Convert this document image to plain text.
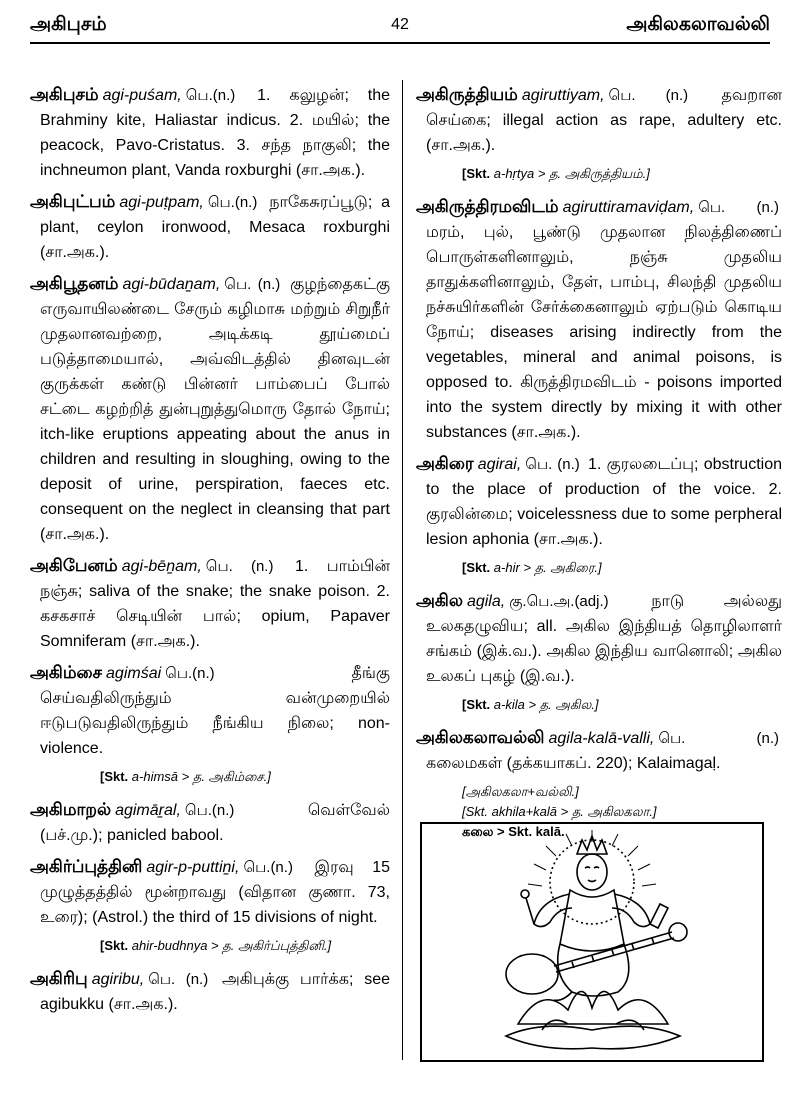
அகிபுசம்	42	அகிலகலாவல்லி

அகிபுசம் agi-puśam, பெ.(n.) 1. கலுழன்; the Brahminy kite, Haliastar indicus. 2. மயில்; the peacock, Pavo-Cristatus. 3. சந்த நாகுலி; the inchneumon plant, Vanda roxburghi (சா.அக.).

அகிபுட்பம் agi-puṭpam, பெ.(n.) நாகேசுரப்பூடு; a plant, ceylon ironwood, Mesaca roxburghi (சா.அக.).

அகிபூதனம் agi-būdaṉam, பெ. (n.) குழந்தைகட்கு எருவாயிலண்டை சேரும் கழிமாசு மற்றும் சிறுநீர் முதலானவற்றை, அடிக்கடி தூய்மைப் படுத்தாமையால், அவ்விடத்தில் தினவுடன் குருக்கள் கண்டு பின்னர் பாம்பைப் போல் சட்டை கழற்றித் துன்புறுத்துமொரு தோல் நோய்; itch-like eruptions appeating about the anus in children and resulting in sloughing, owing to the deposit of urine, perspiration, faeces etc. consequent on the neglect in cleansing that part (சா.அக.).

அகிபேனம் agi-bēṉam, பெ. (n.) 1. பாம்பின் நஞ்சு; saliva of the snake; the snake poison. 2. கசகசாச் செடியின் பால்; opium, Papaver Somniferam (சா.அக.).

அகிம்சை agimśai பெ.(n.)	தீங்கு செய்வதிலிருந்தும் வன்முறையில் ஈடுபடுவதிலிருந்தும் நீங்கிய நிலை; non-violence.

[Skt. a-himsā > த. அகிம்சை.]

அகிமாறல் agimāṟal, பெ.(n.)	வெள்வேல் (பச்.மு.); panicled babool.

அகிர்ப்புத்தினி agir-p-puttiṉi, பெ.(n.) இரவு 15 முழுத்தத்தில் மூன்றாவது (விதான குணா. 73, உரை); (Astrol.) the third of 15 divisions of night.

[Skt. ahir-budhnya > த. அகிர்ப்புத்தினி.]

அகிரிபு agiribu, பெ. (n.) அகிபுக்கு பார்க்க; see agibukku (சா.அக.).

அகிருத்தியம் agiruttiyam, பெ. (n.) தவறான செய்கை; illegal action as rape, adultery etc. (சா.அக.).

[Skt. a-hṛtya > த. அகிருத்தியம்.]

அகிருத்திரமவிடம் agiruttiramaviḍam, பெ. (n.) மரம், புல், பூண்டு முதலான நிலத்திணைப் பொருள்களினாலும், நஞ்சு முதலிய தாதுக்களினாலும், தேள், பாம்பு, சிலந்தி முதலிய நச்சுயிர்களின் சேர்க்கைனாலும் ஏற்படும் கொடிய நோய்; diseases arising indirectly from the vegetables, mineral and animal poisons, is opposed to. கிருத்திரமவிடம் - poisons imported into the system directly by mixing it with other substances (சா.அக.).

அகிரை agirai, பெ. (n.) 1. குரலடைப்பு; obstruction to the place of production of the voice. 2. குரலின்மை; voicelessness due to some perpheral lesion aphonia (சா.அக.).

[Skt. a-hir > த. அகிரை.]

அகில agila, கு.பெ.அ.(adj.)	நாடு அல்லது உலகதழுவிய; all. அகில இந்தியத் தொழிலாளர் சங்கம் (இக்.வ.). அகில இந்திய வானொலி; அகில உலகப் புகழ் (இ.வ.).

[Skt. a-kila > த. அகில.]

அகிலகலாவல்லி agila-kalā-valli, பெ. (n.) கலைமகள் (தக்கயாகப். 220); Kalaimagaḷ.

[அகிலகலா+வல்லி.]

[Skt. akhila+kalā > த. அகிலகலா.]

கலை > Skt. kalā.
